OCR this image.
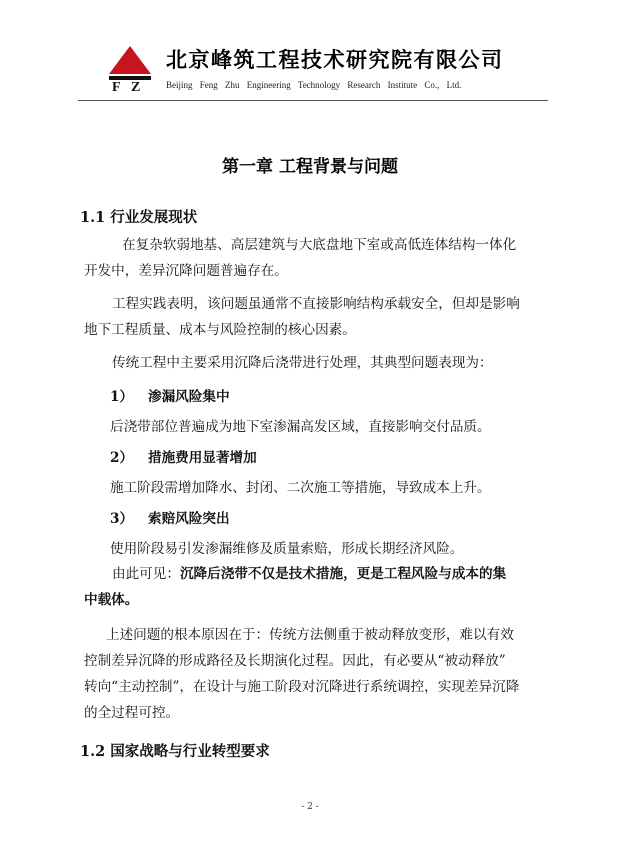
F Z
北京峰筑工程技术研究院有限公司
Beijing Feng Zhu Engineering Technology Research Institute Co., Ltd.
第一章 工程背景与问题
1.1 行业发展现状

在复杂软弱地基、高层建筑与大底盘地下室或高低连体结构一体化
开发中，差异沉降问题普遍存在。

工程实践表明，该问题虽通常不直接影响结构承载安全，但却是影响
地下工程质量、成本与风险控制的核心因素。

传统工程中主要采用沉降后浇带进行处理，其典型问题表现为：

1） 渗漏风险集中
后浇带部位普遍成为地下室渗漏高发区域，直接影响交付品质。
2） 措施费用显著增加
施工阶段需增加降水、封闭、二次施工等措施，导致成本上升。
3） 索赔风险突出
使用阶段易引发渗漏维修及质量索赔，形成长期经济风险。

由此可见：沉降后浇带不仅是技术措施，更是工程风险与成本的集
中载体。

上述问题的根本原因在于：传统方法侧重于被动释放变形，难以有效
控制差异沉降的形成路径及长期演化过程。因此，有必要从“被动释放”
转向“主动控制”，在设计与施工阶段对沉降进行系统调控，实现差异沉降
的全过程可控。

1.2 国家战略与行业转型要求
- 2 -
